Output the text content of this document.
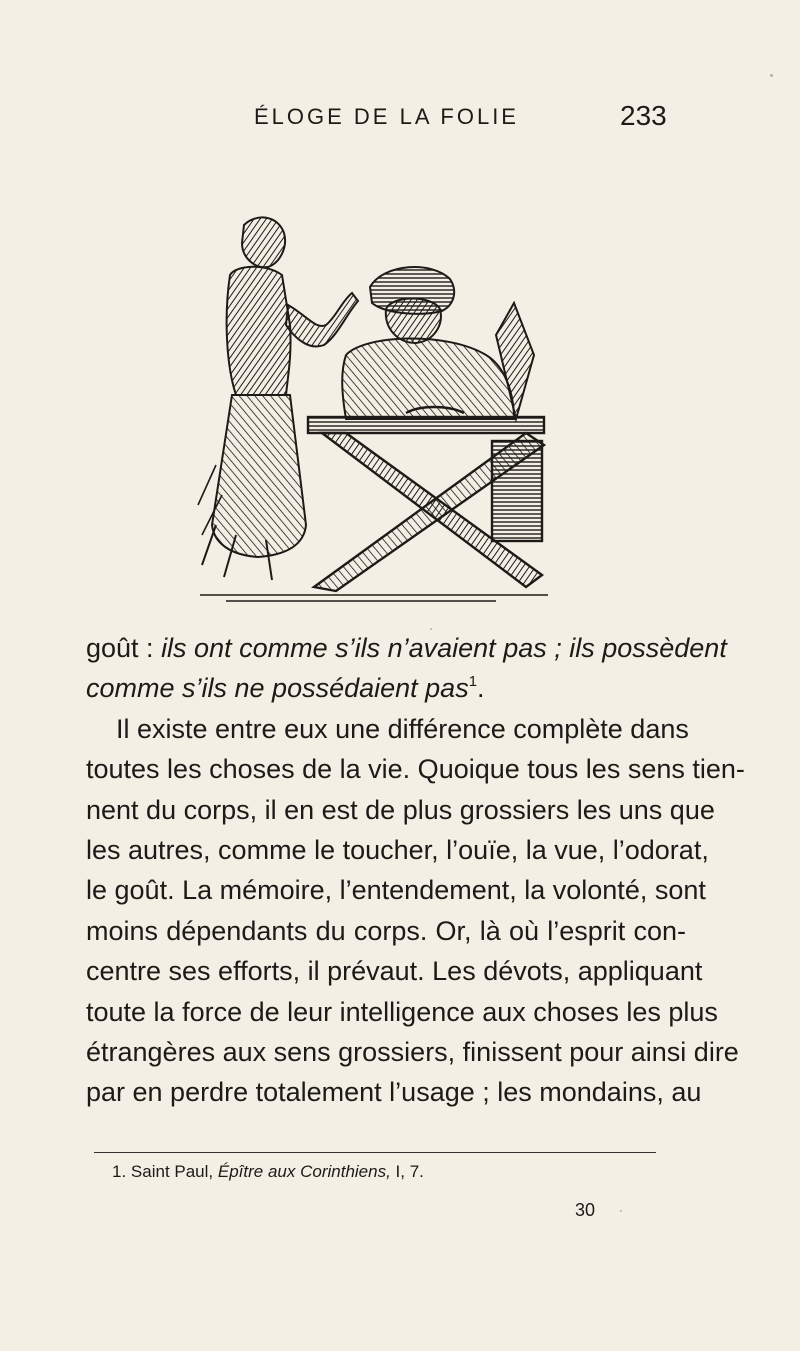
ÉLOGE DE LA FOLIE	233
goût : ils ont comme s’ils n’avaient pas ; ils possèdent
comme s’ils ne possédaient pas$^1$.
Il existe entre eux une différence complète dans
toutes les choses de la vie. Quoique tous les sens tien-
nent du corps, il en est de plus grossiers les uns que
les autres, comme le toucher, l’ouïe, la vue, l’odorat,
le goût. La mémoire, l’entendement, la volonté, sont
moins dépendants du corps. Or, là où l’esprit con-
centre ses efforts, il prévaut. Les dévots, appliquant
toute la force de leur intelligence aux choses les plus
étrangères aux sens grossiers, finissent pour ainsi dire
par en perdre totalement l’usage ; les mondains, au
1. Saint Paul, Épître aux Corinthiens, I, 7.
30
